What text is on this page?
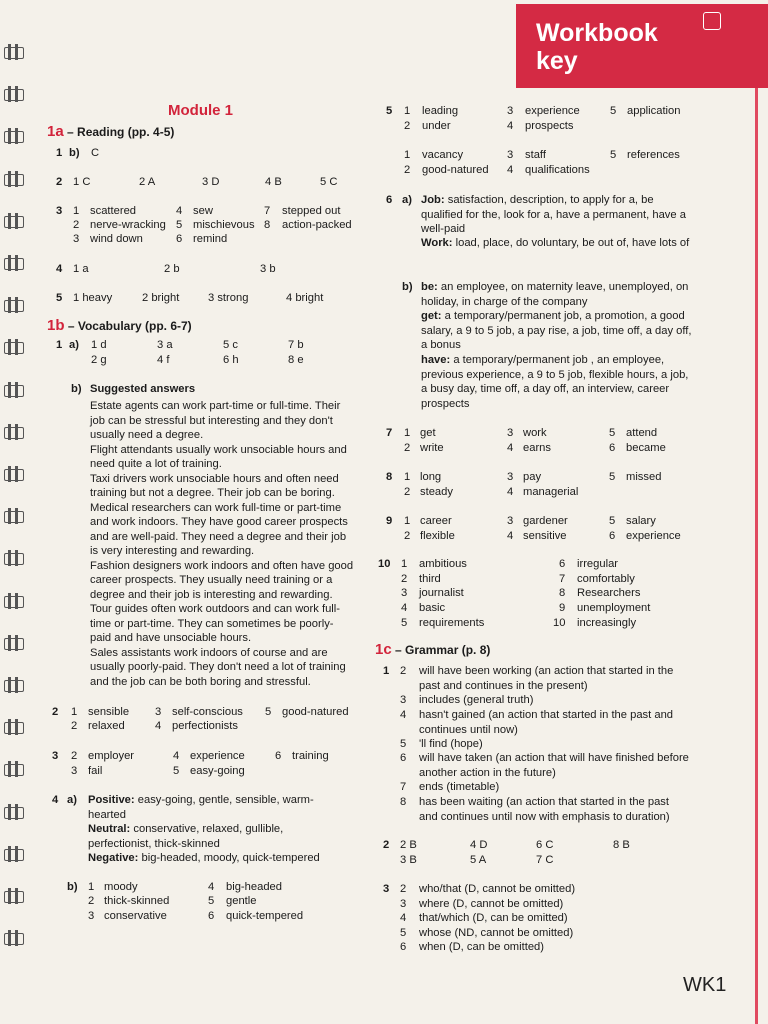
Workbook
key
Module 1
1a – Reading (pp. 4-5)
1 b) C
2 1 C	2 A	3 D	4 B	5 C
3 1 scattered	4 sew	7 stepped out
2 nerve-wracking 5 mischievous 8 action-packed
3 wind down	6 remind
4 1 a	2 b	3 b
5 1 heavy	2 bright	3 strong	4 bright
1b – Vocabulary (pp. 6-7)
1 a) 1 d	3 a	5 c	7 b
2 g	4 f	6 h	8 e
b) Suggested answers
Estate agents can work part-time or full-time. Their job can be stressful but interesting and they don't usually need a degree.
Flight attendants usually work unsociable hours and need quite a lot of training.
Taxi drivers work unsociable hours and often need training but not a degree. Their job can be boring.
Medical researchers can work full-time or part-time and work indoors. They have good career prospects and are well-paid. They need a degree and their job is very interesting and rewarding.
Fashion designers work indoors and often have good career prospects. They usually need training or a degree and their job is interesting and rewarding.
Tour guides often work outdoors and can work full-time or part-time. They can sometimes be poorly-paid and have unsociable hours.
Sales assistants work indoors of course and are usually poorly-paid. They don't need a lot of training and the job can be both boring and stressful.
2 1 sensible 3 self-conscious 5 good-natured
2 relaxed	4 perfectionists
3 2 employer	4 experience	6 training
3 fail	5 easy-going
4 a) Positive: easy-going, gentle, sensible, warm-hearted
Neutral: conservative, relaxed, gullible, perfectionist, thick-skinned
Negative: big-headed, moody, quick-tempered
b) 1 moody	4 big-headed
2 thick-skinned	5 gentle
3 conservative	6 quick-tempered
5 1 leading	3 experience	5 application
2 under	4 prospects
1 vacancy	3 staff	5 references
2 good-natured 4 qualifications
6 a) Job: satisfaction, description, to apply for a, be qualified for the, look for a, have a permanent, have a well-paid
Work: load, place, do voluntary, be out of, have lots of
b) be: an employee, on maternity leave, unemployed, on holiday, in charge of the company
get: a temporary/permanent job, a promotion, a good salary, a 9 to 5 job, a pay rise, a job, time off, a day off, a bonus
have: a temporary/permanent job , an employee, previous experience, a 9 to 5 job, flexible hours, a job, a busy day, time off, a day off, an interview, career prospects
7 1 get	3 work	5 attend
2 write	4 earns	6 became
8 1 long	3 pay	5 missed
2 steady	4 managerial
9 1 career	3 gardener	5 salary
2 flexible	4 sensitive	6 experience
10 1 ambitious	6 irregular
2 third	7 comfortably
3 journalist	8 Researchers
4 basic	9 unemployment
5 requirements	10 increasingly
1c – Grammar (p. 8)
1 2 will have been working (an action that started in the past and continues in the present)
3 includes (general truth)
4 hasn't gained (an action that started in the past and continues until now)
5 'll find (hope)
6 will have taken (an action that will have finished before another action in the future)
7 ends (timetable)
8 has been waiting (an action that started in the past and continues until now with emphasis to duration)
2 2 B	4 D	6 C	8 B
3 B	5 A	7 C
3 2 who/that (D, cannot be omitted)
3 where (D, cannot be omitted)
4 that/which (D, can be omitted)
5 whose (ND, cannot be omitted)
6 when (D, can be omitted)
WK1
